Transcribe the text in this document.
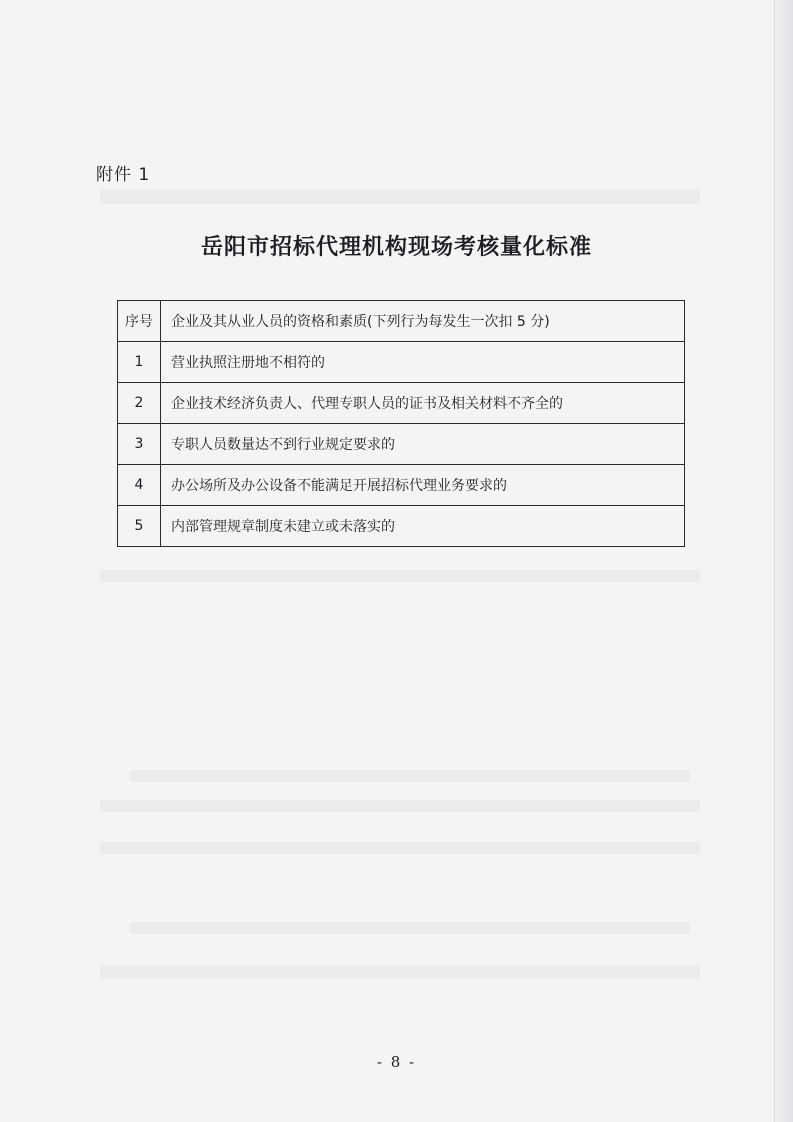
附件 1
岳阳市招标代理机构现场考核量化标准
序号	企业及其从业人员的资格和素质(下列行为每发生一次扣 5 分)
1	营业执照注册地不相符的
2	企业技术经济负责人、代理专职人员的证书及相关材料不齐全的
3	专职人员数量达不到行业规定要求的
4	办公场所及办公设备不能满足开展招标代理业务要求的
5	内部管理规章制度未建立或未落实的
- 8 -
